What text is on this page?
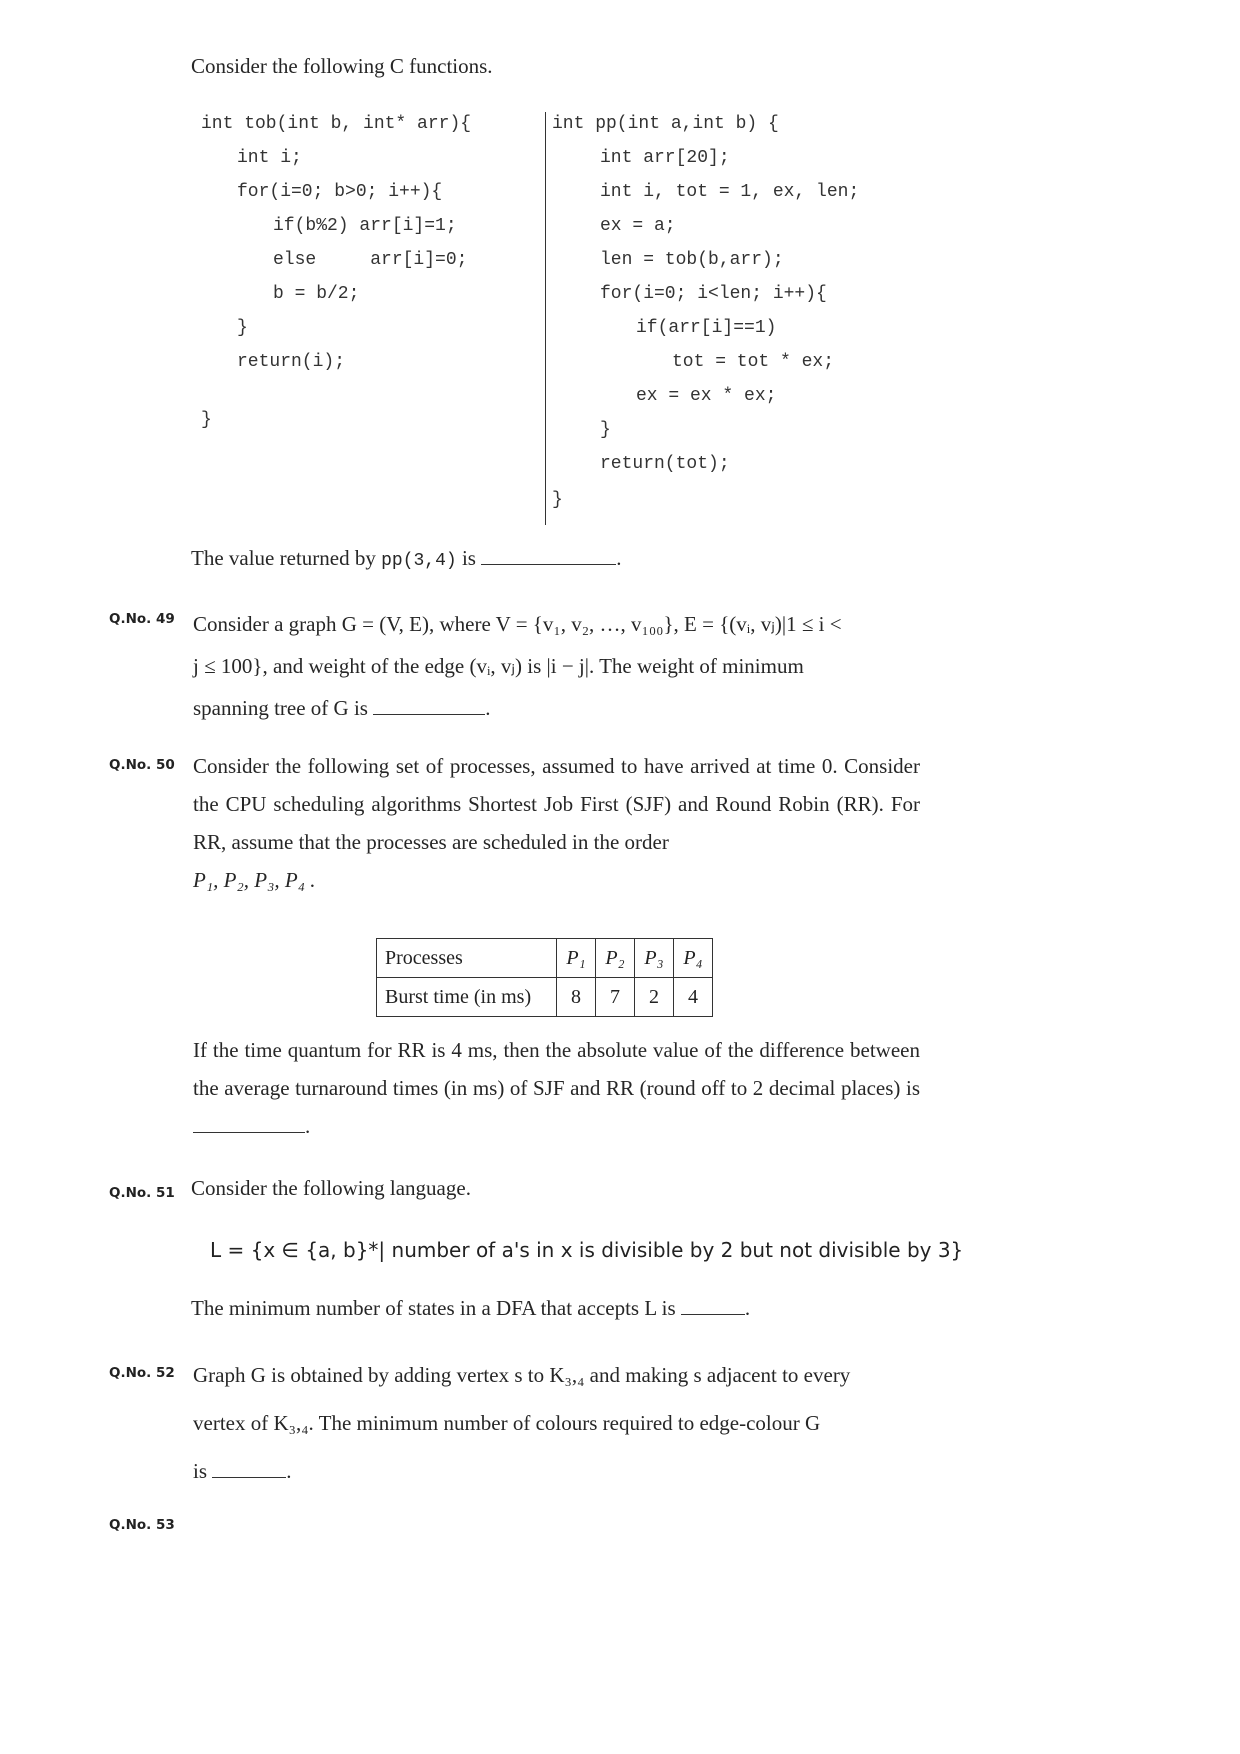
Consider the following C functions.
int tob(int b, int* arr){
int i;
for(i=0; b>0; i++){
if(b%2) arr[i]=1;
else     arr[i]=0;
b = b/2;
}
return(i);
}
int pp(int a,int b) {
int arr[20];
int i, tot = 1, ex, len;
ex = a;
len = tob(b,arr);
for(i=0; i<len; i++){
if(arr[i]==1)
tot = tot * ex;
ex = ex * ex;
}
return(tot);
}
The value returned by pp(3,4) is	.
Q.No. 49 Consider a graph G = (V, E), where V = {v₁, v₂, …, v₁₀₀}, E = {(vᵢ, vⱼ)|1 ≤ i <

j ≤ 100}, and weight of the edge (vᵢ, vⱼ) is |i − j|. The weight of minimum

spanning tree of G is	.

Q.No. 50 Consider the following set of processes, assumed to have arrived at time 0. Consider the CPU scheduling algorithms Shortest Job First (SJF) and Round Robin (RR). For RR, assume that the processes are scheduled in the order

P₁, P₂, P₃, P₄ .

Processes	P₁	P₂	P₃	P₄
Burst time (in ms)	8	7	2	4

If the time quantum for RR is 4 ms, then the absolute value of the difference between the average turnaround times (in ms) of SJF and RR (round off to 2 decimal places) is .

Q.No. 51 Consider the following language.
L = {x ∈ {a, b}*| number of a's in x is divisible by 2 but not divisible by 3}
The minimum number of states in a DFA that accepts L is	.
Q.No. 52 Graph G is obtained by adding vertex s to K₃,₄ and making s adjacent to every

vertex of K₃,₄. The minimum number of colours required to edge-colour G

is	.

Q.No. 53
